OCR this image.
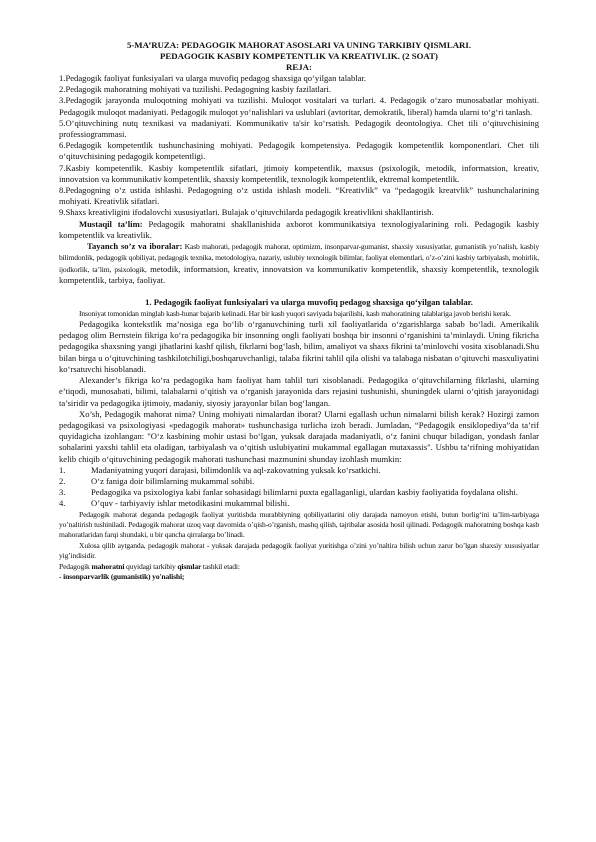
5-MA’RUZA: PEDAGOGIK MAHORAT ASOSLARI VA UNING TARKIBIY QISMLARI.
PEDAGOGIK KASBIY KOMPETENTLIK VA KREATIVLIK. (2 SOAT)
REJA:

1.Pedagogik faoliyat funksiyalari va ularga muvofiq pedagog shaxsiga qo‘yilgan talablar.

2.Pedagogik mahoratning mohiyati va tuzilishi. Pedagogning kasbiy fazilatlari.

3.Pedagogik jarayonda muloqotning mohiyati va tuzilishi. Muloqot vositalari va turlari. 4. Pedagogik o‘zaro munosabatlar mohiyati. Pedagogik muloqot madaniyati. Pedagogik muloqot yo‘nalishlari va uslublari (avtoritar, demokratik, liberal) hamda ularni to‘g‘ri tanlash.

5.O‘qituvchining nutq texnikasi va madaniyati. Kommunikativ ta'sir ko‘rsatish. Pedagogik deontologiya. Chet tili o‘qituvchisining professiogrammasi.

6.Pedagogik kompetentlik tushunchasining mohiyati. Pedagogik kompetensiya. Pedagogik kompetentlik komponentlari. Chet tili o‘qituvchisining pedagogik kompetentligi.

7.Kasbiy kompetentlik. Kasbiy kompetentlik sifatlari, jtimoiy kompetentlik, maxsus (psixologik, metodik, informatsion, kreativ, innovatsion va kommunikativ kompetentlik, shaxsiy kompetentlik, texnologik kompetentlik, ektremal kompetentlik.

8.Pedagogning o‘z ustida ishlashi. Pedagogning o‘z ustida ishlash modeli. “Kreativlik” va “pedagogik kreatvlik” tushunchalarining mohiyati. Kreativlik sifatlari.

9.Shaxs kreativligini ifodalovchi xususiyatlari. Bulajak o‘qituvchilarda pedagogik kreativlikni shakllantirish.

Mustaqil ta’lim: Pedagogik mahoratni shakllanishida axborot kommunikatsiya texnologiyalarining roli. Pedagogik kasbiy kompetentlik va kreativlik.

Tayanch so’z va iboralar: Kasb mahorati, pedagogik mahorat, optimizm, insonparvar-gumanist, shaxsiy xususiyatlar, gumanistik yo’nalish, kasbiy bilimdonlik, pedagogik qobiliyat, pedagogik texnika, metodologiya, nazariy, uslubiy texnologik bilimlar, faoliyat elementlari, o’z-o’zini kasbiy tarbiyalash, mohirlik, ijodkorlik, ta’lim, psixologik, metodik, informatsion, kreativ, innovatsion va kommunikativ kompetentlik, shaxsiy kompetentlik, texnologik kompetentlik, tarbiya, faoliyat.

1. Pedagogik faoliyat funksiyalari va ularga muvofiq pedagog shaxsiga qo‘yilgan talablar.

Insoniyat tomonidan minglab kasb-hunar bajarib kelinadi. Har bir kasb yuqori saviyada bajarilishi, kasb mahoratining talablariga javob berishi kerak.

Pedagogika kontekstlik ma’nosiga ega bo‘lib o‘rganuvchining turli xil faoliyatlarida o‘zgarishlarga sabab bo‘ladi. Amerikalik pedagog olim Bernstein fikriga ko‘ra pedagogika bir insonning ongli faoliyati boshqa bir insonni o‘rganishini ta’minlaydi. Uning fikricha pedagogika shaxsning yangi jihatlarini kashf qilish, fikrlarni bog‘lash, bilim, amaliyot va shaxs fikrini ta’minlovchi vosita xisoblanadi.Shu bilan birga u o‘qituvchining tashkilotchiligi,boshqaruvchanligi, talaba fikrini tahlil qila olishi va talabaga nisbatan o‘qituvchi masxuliyatini ko‘rsatuvchi hisoblanadi.

Alexander’s fikriga ko‘ra pedagogika ham faoliyat ham tahlil turi xisoblanadi. Pedagogika o‘qituvchilarning fikrlashi, ularning e’tiqodi, munosabati, bilimi, talabalarni o‘qitish va o‘rganish jarayonida dars rejasini tushunishi, shuningdek ularni o‘qitish jarayonidagi ta’siridir va pedagogika ijtimoiy, madaniy, siyosiy jarayonlar bilan bog‘langan.

Xo’sh, Pedagogik mahorat nima? Uning mohiyati nimalardan iborat? Ularni egallash uchun nimalarni bilish kerak? Hozirgi zamon pedagogikasi va psixologiyasi «pedagogik mahorat» tushunchasiga turlicha izoh beradi. Jumladan, “Pedagogik ensiklopediya”da ta’rif quyidagicha izohlangan: "O‘z kasbining mohir ustasi bo‘lgan, yuksak darajada madaniyatli, o‘z fanini chuqur biladigan, yondash fanlar sohalarini yaxshi tahlil eta oladigan, tarbiyalash va o‘qitish uslubiyatini mukammal egallagan mutaxassis". Ushbu ta’rifning mohiyatidan kelib chiqib o‘qituvchining pedagogik mahorati tushunchasi mazmunini shunday izohlash mumkin:

1.	Madaniyatning yuqori darajasi, bilimdonlik va aql-zakovatning yuksak ko‘rsatkichi.
2.	O‘z faniga doir bilimlarning mukammal sohibi.
3.	Pedagogika va psixologiya kabi fanlar sohasidagi bilimlarni puxta egallaganligi, ulardan kasbiy faoliyatida foydalana olishi.
4.	O’quv - tarbiyaviy ishlar metodikasini mukammal bilishi.

Pedagogik mahorat deganda pedagogik faoliyat yuritishda murabbiyning qobiliyatlarini oliy darajada namoyon etishi, butun borlig‘ini ta’lim-tarbiyaga yo’naltirish tushiniladi. Pedagogik mahorat uzoq vaqt davomida o’qish-o’rganish, mashq qilish, tajribalar asosida hosil qilinadi. Pedagogik mahoratning boshqa kasb mahoratlaridan farqi shundaki, u bir qancha qirralarga bo’linadi.

Xulosa qilib aytganda, pedagogik mahorat - yuksak darajada pedagogik faoliyat yuritishga o’zini yo’naltira bilish uchun zarur bo’lgan shaxsiy xususiyatlar yig’indisidir.

Pedagogik mahoratni quyidagi tarkibiy qismlar tashkil etadi:

- insonparvarlik (gumanistik) yo'nalishi;
